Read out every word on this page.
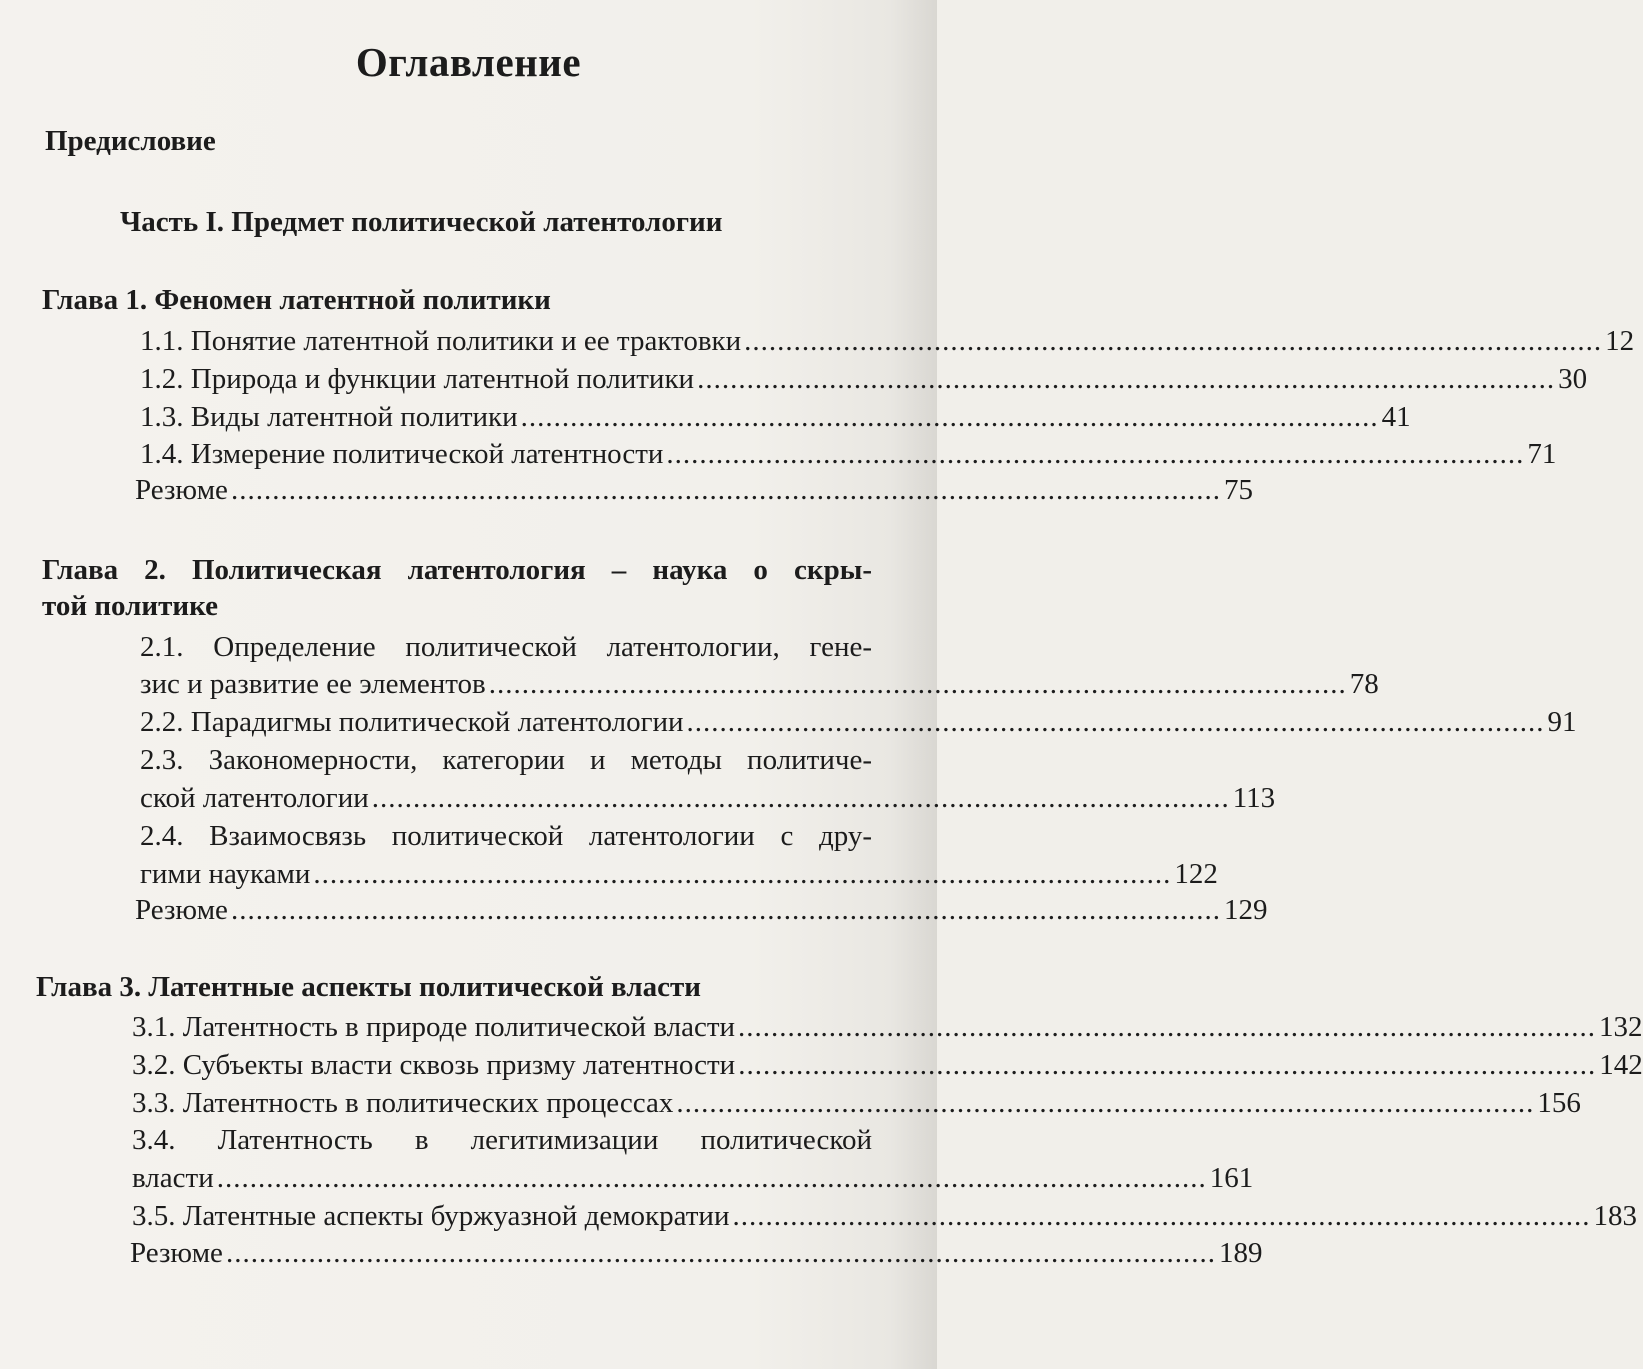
Оглавление
Предисловие
Часть I. Предмет политической латентологии
Глава 1. Феномен латентной политики
1.1. Понятие латентной политики и ее трактовки ........................................................................................................ 12
1.2. Природа и функции латентной политики ........................................................................................................ 30
1.3. Виды латентной политики ........................................................................................................ 41
1.4. Измерение политической латентности ........................................................................................................ 71
Резюме ........................................................................................................................ 75
Глава 2. Политическая латентология – наука о скры-
той политике
2.1. Определение политической латентологии, гене-
зис и развитие ее элементов ........................................................................................................ 78
2.2. Парадигмы политической латентологии ........................................................................................................ 91
2.3. Закономерности, категории и методы политиче-
ской латентологии ........................................................................................................ 113
2.4. Взаимосвязь политической латентологии с дру-
гими науками ........................................................................................................ 122
Резюме ........................................................................................................................ 129
Глава 3. Латентные аспекты политической власти
3.1. Латентность в природе политической власти ........................................................................................................ 132
3.2. Субъекты власти сквозь призму латентности ........................................................................................................ 142
3.3. Латентность в политических процессах ........................................................................................................ 156
3.4. Латентность в легитимизации политической
власти ........................................................................................................................ 161
3.5. Латентные аспекты буржуазной демократии ........................................................................................................ 183
Резюме ........................................................................................................................ 189
